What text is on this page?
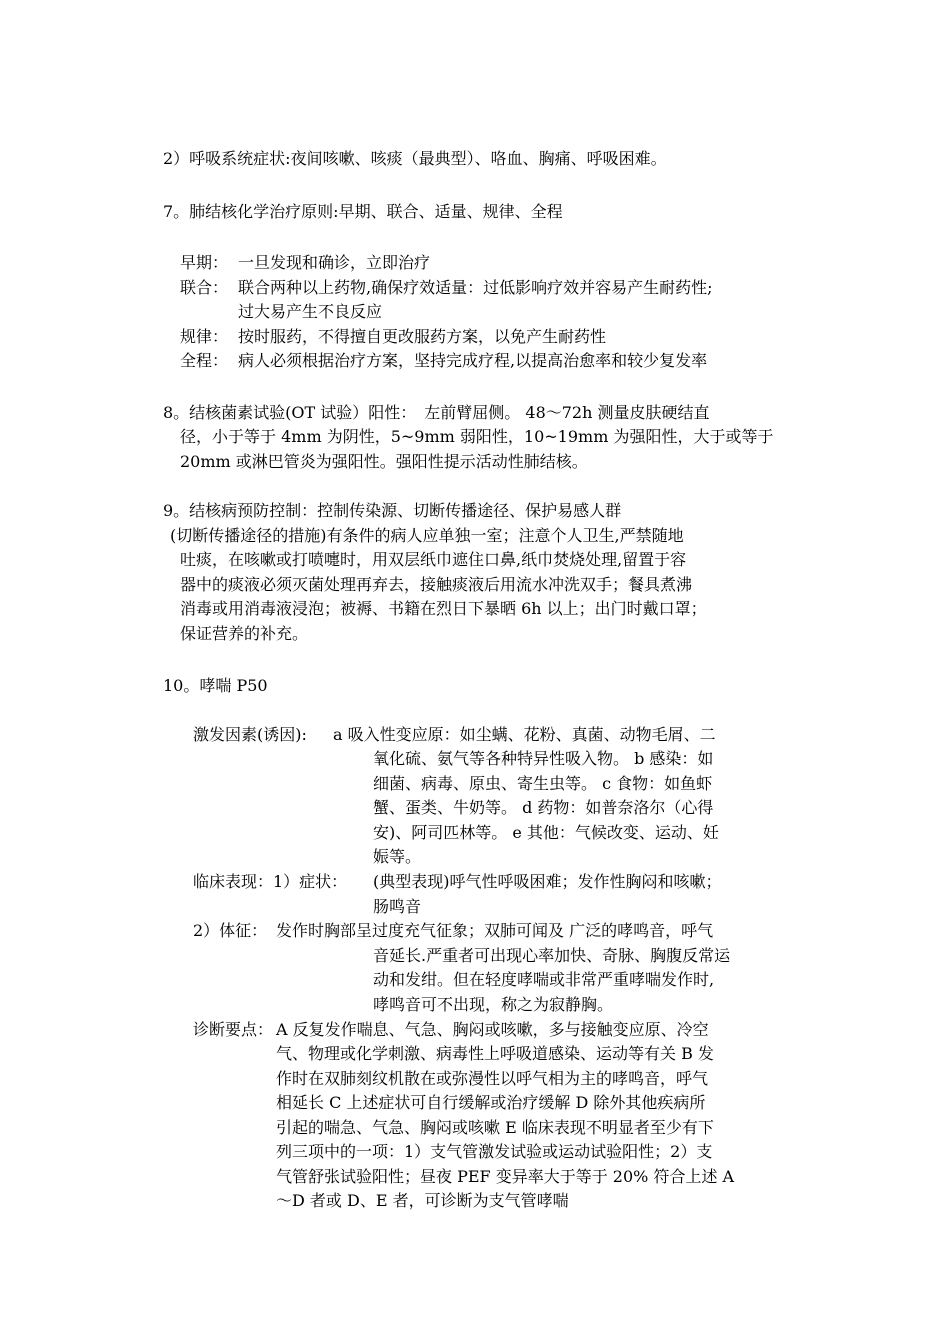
2）呼吸系统症状:夜间咳嗽、咳痰（最典型）、咯血、胸痛、呼吸困难。
7。肺结核化学治疗原则:早期、联合、适量、规律、全程
早期： 一旦发现和确诊，立即治疗
联合： 联合两种以上药物,确保疗效适量：过低影响疗效并容易产生耐药性;
过大易产生不良反应
规律： 按时服药，不得擅自更改服药方案，以免产生耐药性
全程： 病人必须根据治疗方案，坚持完成疗程,以提高治愈率和较少复发率
8。结核菌素试验(OT 试验）阳性：　左前臂屈侧。 48～72h 测量皮肤硬结直
径，小于等于 4mm 为阴性，5~9mm 弱阳性，10~19mm 为强阳性，大于或等于
20mm 或淋巴管炎为强阳性。强阳性提示活动性肺结核。
9。结核病预防控制：控制传染源、切断传播途径、保护易感人群
(切断传播途径的措施)有条件的病人应单独一室；注意个人卫生,严禁随地
吐痰，在咳嗽或打喷嚏时，用双层纸巾遮住口鼻,纸巾焚烧处理,留置于容
器中的痰液必须灭菌处理再弃去，接触痰液后用流水冲洗双手；餐具煮沸
消毒或用消毒液浸泡；被褥、书籍在烈日下暴晒 6h 以上；出门时戴口罩；
保证营养的补充。
10。哮喘 P50
激发因素(诱因): a 吸入性变应原：如尘螨、花粉、真菌、动物毛屑、二
氧化硫、氨气等各种特异性吸入物。 b 感染：如
细菌、病毒、原虫、寄生虫等。 c 食物：如鱼虾
蟹、蛋类、牛奶等。 d 药物：如普奈洛尔（心得
安)、阿司匹林等。 e 其他：气候改变、运动、妊
娠等。
临床表现：1）症状： (典型表现)呼气性呼吸困难；发作性胸闷和咳嗽；
肠鸣音
2）体征： 发作时胸部呈过度充气征象；双肺可闻及 广泛的哮鸣音，呼气
音延长.严重者可出现心率加快、奇脉、胸腹反常运
动和发绀。但在轻度哮喘或非常严重哮喘发作时,
哮鸣音可不出现，称之为寂静胸。
诊断要点： A 反复发作喘息、气急、胸闷或咳嗽，多与接触变应原、冷空
气、物理或化学刺激、病毒性上呼吸道感染、运动等有关 B 发
作时在双肺刻纹机散在或弥漫性以呼气相为主的哮鸣音，呼气
相延长 C 上述症状可自行缓解或治疗缓解 D 除外其他疾病所
引起的喘急、气急、胸闷或咳嗽 E 临床表现不明显者至少有下
列三项中的一项：1）支气管激发试验或运动试验阳性；2）支
气管舒张试验阳性；昼夜 PEF 变异率大于等于 20% 符合上述 A
～D 者或 D、E 者，可诊断为支气管哮喘
